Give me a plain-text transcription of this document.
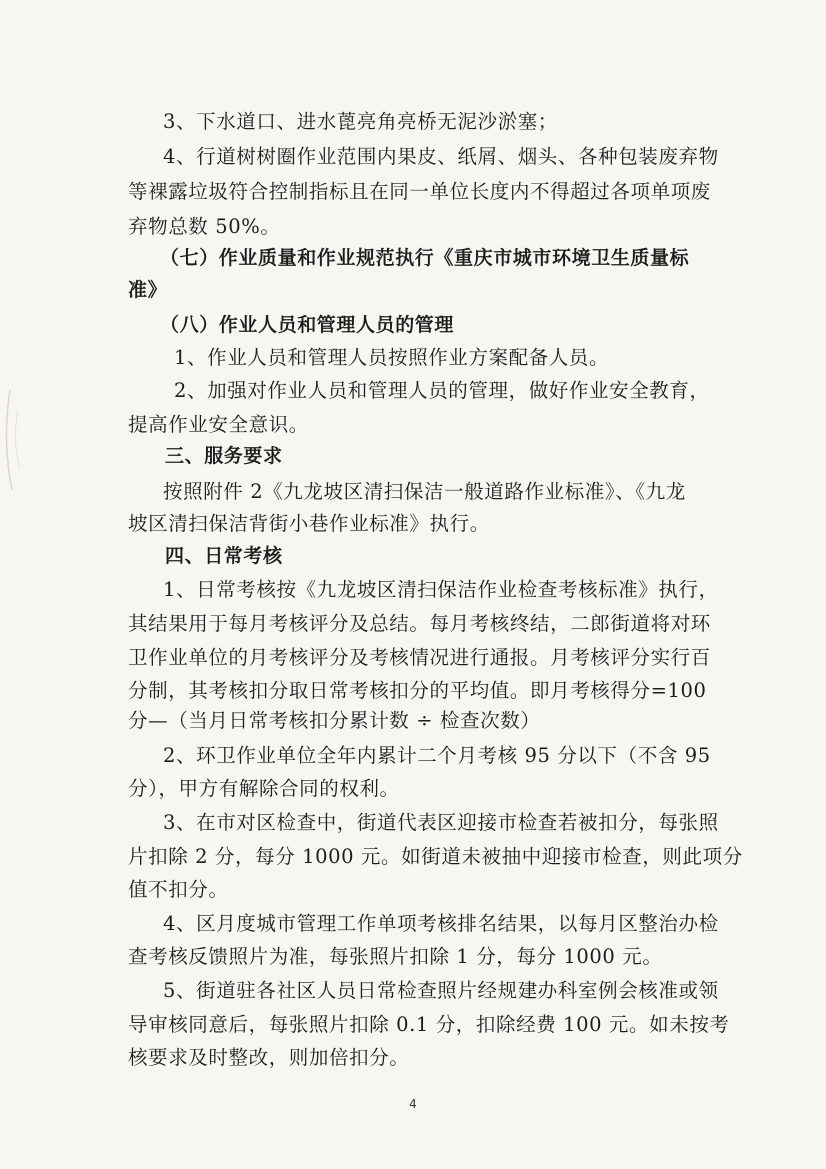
3、下水道口、进水蓖亮角亮桥无泥沙淤塞；
4、行道树树圈作业范围内果皮、纸屑、烟头、各种包装废弃物
等裸露垃圾符合控制指标且在同一单位长度内不得超过各项单项废
弃物总数 50%。
（七）作业质量和作业规范执行《重庆市城市环境卫生质量标
准》
（八）作业人员和管理人员的管理
1、作业人员和管理人员按照作业方案配备人员。
2、加强对作业人员和管理人员的管理，做好作业安全教育，
提高作业安全意识。
三、服务要求
按照附件 2《九龙坡区清扫保洁一般道路作业标准》、《九龙
坡区清扫保洁背街小巷作业标准》执行。
四、日常考核
1、日常考核按《九龙坡区清扫保洁作业检查考核标准》执行，
其结果用于每月考核评分及总结。每月考核终结，二郎街道将对环
卫作业单位的月考核评分及考核情况进行通报。月考核评分实行百
分制，其考核扣分取日常考核扣分的平均值。即月考核得分=100
分—（当月日常考核扣分累计数 ÷ 检查次数）
2、环卫作业单位全年内累计二个月考核 95 分以下（不含 95
分），甲方有解除合同的权利。
3、在市对区检查中，街道代表区迎接市检查若被扣分，每张照
片扣除 2 分，每分 1000 元。如街道未被抽中迎接市检查，则此项分
值不扣分。
4、区月度城市管理工作单项考核排名结果，以每月区整治办检
查考核反馈照片为准，每张照片扣除 1 分，每分 1000 元。
5、街道驻各社区人员日常检查照片经规建办科室例会核准或领
导审核同意后，每张照片扣除 0.1 分，扣除经费 100 元。如未按考
核要求及时整改，则加倍扣分。
4
